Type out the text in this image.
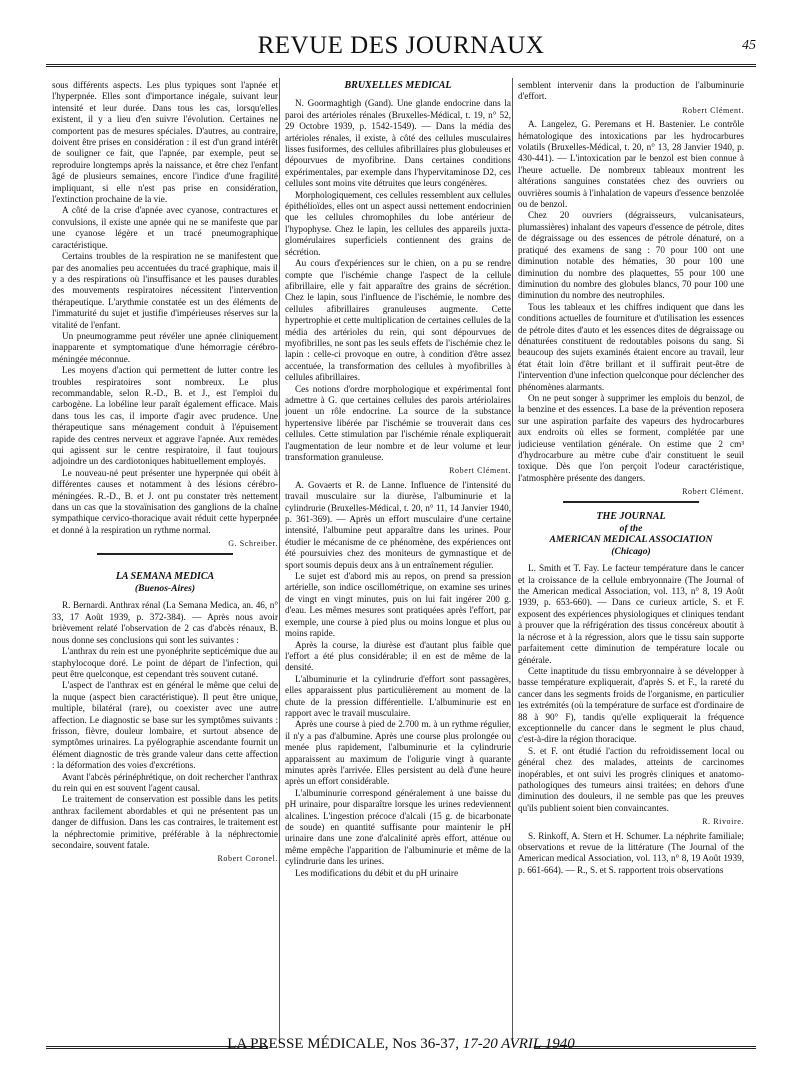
REVUE DES JOURNAUX	45

sous différents aspects. Les plus typiques sont l'apnée et l'hyperpnée. Elles sont d'importance inégale, suivant leur intensité et leur durée. Dans tous les cas, lorsqu'elles existent, il y a lieu d'en suivre l'évolution. Certaines ne comportent pas de mesures spéciales. D'autres, au contraire, doivent être prises en considération : il est d'un grand intérêt de souligner ce fait, que l'apnée, par exemple, peut se reproduire longtemps après la naissance, et être chez l'enfant âgé de plusieurs semaines, encore l'indice d'une fragilité impliquant, si elle n'est pas prise en considération, l'extinction prochaine de la vie.

A côté de la crise d'apnée avec cyanose, contractures et convulsions, il existe une apnée qui ne se manifeste que par une cyanose légère et un tracé pneumographique caractéristique.

Certains troubles de la respiration ne se manifestent que par des anomalies peu accentuées du tracé graphique, mais il y a des respirations où l'insuffisance et les pauses durables des mouvements respiratoires nécessitent l'intervention thérapeutique. L'arythmie constatée est un des éléments de l'immaturité du sujet et justifie d'impérieuses réserves sur la vitalité de l'enfant.

Un pneumogramme peut révéler une apnée cliniquement inapparente et symptomatique d'une hémorragie cérébro-méningée méconnue.

Les moyens d'action qui permettent de lutter contre les troubles respiratoires sont nombreux. Le plus recommandable, selon R.-D., B. et J., est l'emploi du carbogène. La lobéline leur paraît également efficace. Mais dans tous les cas, il importe d'agir avec prudence. Une thérapeutique sans ménagement conduit à l'épuisement rapide des centres nerveux et aggrave l'apnée. Aux remèdes qui agissent sur le centre respiratoire, il faut toujours adjoindre un des cardiotoniques habituellement employés.

Le nouveau-né peut présenter une hyperpnée qui obéit à différentes causes et notamment à des lésions cérébro-méningées. R.-D., B. et J. ont pu constater très nettement dans un cas que la stovaïnisation des ganglions de la chaîne sympathique cervico-thoracique avait réduit cette hyperpnée et donné à la respiration un rythme normal.

G. Schreiber.
LA SEMANA MEDICA
(Buenos-Aires)

R. Bernardi. Anthrax rénal (La Semana Medica, an. 46, n° 33, 17 Août 1939, p. 372-384). — Après nous avoir brièvement relaté l'observation de 2 cas d'abcès rénaux, B. nous donne ses conclusions qui sont les suivantes :

L'anthrax du rein est une pyonéphrite septicémique due au staphylocoque doré. Le point de départ de l'infection, qui peut être quelconque, est cependant très souvent cutané.

L'aspect de l'anthrax est en général le même que celui de la nuque (aspect bien caractéristique). Il peut être unique, multiple, bilatéral (rare), ou coexister avec une autre affection. Le diagnostic se base sur les symptômes suivants : frisson, fièvre, douleur lombaire, et surtout absence de symptômes urinaires. La pyélographie ascendante fournit un élément diagnostic de très grande valeur dans cette affection : la déformation des voies d'excrétions.

Avant l'abcès périnéphrétique, on doit rechercher l'anthrax du rein qui en est souvent l'agent causal.

Le traitement de conservation est possible dans les petits anthrax facilement abordables et qui ne présentent pas un danger de diffusion. Dans les cas contraires, le traitement est la néphrectomie primitive, préférable à la néphrectomie secondaire, souvent fatale.

Robert Coronel.
BRUXELLES MEDICAL

N. Goormaghtigh (Gand). Une glande endocrine dans la paroi des artérioles rénales (Bruxelles-Médical, t. 19, n° 52, 29 Octobre 1939, p. 1542-1549). — Dans la média des artérioles rénales, il existe, à côté des cellules musculaires lisses fusiformes, des cellules afibrillaires plus globuleuses et dépourvues de myofibrine. Dans certaines conditions expérimentales, par exemple dans l'hypervitaminose D2, ces cellules sont moins vite détruites que leurs congénères.

Morphologiquement, ces cellules ressemblent aux cellules épithélioïdes, elles ont un aspect aussi nettement endocrinien que les cellules chromophiles du lobe antérieur de l'hypophyse. Chez le lapin, les cellules des appareils juxta-glomérulaires superficiels contiennent des grains de sécrétion.

Au cours d'expériences sur le chien, on a pu se rendre compte que l'ischémie change l'aspect de la cellule afibrillaire, elle y fait apparaître des grains de sécrétion. Chez le lapin, sous l'influence de l'ischémie, le nombre des cellules afibrillaires granuleuses augmente. Cette hypertrophie et cette multiplication de certaines cellules de la média des artérioles du rein, qui sont dépourvues de myofibrilles, ne sont pas les seuls effets de l'ischémie chez le lapin : celle-ci provoque en outre, à condition d'être assez accentuée, la transformation des cellules à myofibrilles à cellules afibrillaires.

Ces notions d'ordre morphologique et expérimental font admettre à G. que certaines cellules des parois artériolaires jouent un rôle endocrine. La source de la substance hypertensive libérée par l'ischémie se trouverait dans ces cellules. Cette stimulation par l'ischémie rénale expliquerait l'augmentation de leur nombre et de leur volume et leur transformation granuleuse.

Robert Clément.

A. Govaerts et R. de Lanne. Influence de l'intensité du travail musculaire sur la diurèse, l'albuminurie et la cylindrurie (Bruxelles-Médical, t. 20, n° 11, 14 Janvier 1940, p. 361-369). — Après un effort musculaire d'une certaine intensité, l'albumine peut apparaître dans les urines. Pour étudier le mécanisme de ce phénomène, des expériences ont été poursuivies chez des moniteurs de gymnastique et de sport soumis depuis deux ans à un entraînement régulier.

Le sujet est d'abord mis au repos, on prend sa pression artérielle, son indice oscillométrique, on examine ses urines de vingt en vingt minutes, puis on lui fait ingérer 200 g. d'eau. Les mêmes mesures sont pratiquées après l'effort, par exemple, une course à pied plus ou moins longue et plus ou moins rapide.

Après la course, la diurèse est d'autant plus faible que l'effort a été plus considérable; il en est de même de la densité.

L'albuminurie et la cylindrurie d'effort sont passagères, elles apparaissent plus particulièrement au moment de la chute de la pression différentielle. L'albuminurie est en rapport avec le travail musculaire.

Après une course à pied de 2.700 m. à un rythme régulier, il n'y a pas d'albumine. Après une course plus prolongée ou menée plus rapidement, l'albuminurie et la cylindrurie apparaissent au maximum de l'oligurie vingt à quarante minutes après l'arrivée. Elles persistent au delà d'une heure après un effort considérable.

L'albuminurie correspond généralement à une baisse du pH urinaire, pour disparaître lorsque les urines redeviennent alcalines. L'ingestion précoce d'alcali (15 g. de bicarbonate de soude) en quantité suffisante pour maintenir le pH urinaire dans une zone d'alcalinité après effort, atténue ou même empêche l'apparition de l'albuminurie et même de la cylindrurie dans les urines.

Les modifications du débit et du pH urinaire

semblent intervenir dans la production de l'albuminurie d'effort.

Robert Clément.

A. Langelez, G. Peremans et H. Bastenier. Le contrôle hématologique des intoxications par les hydrocarbures volatils (Bruxelles-Médical, t. 20, n° 13, 28 Janvier 1940, p. 430-441). — L'intoxication par le benzol est bien connue à l'heure actuelle. De nombreux tableaux montrent les altérations sanguines constatées chez des ouvriers ou ouvrières soumis à l'inhalation de vapeurs d'essence benzolée ou de benzol.

Chez 20 ouvriers (dégraisseurs, vulcanisateurs, plumassières) inhalant des vapeurs d'essence de pétrole, dites de dégraissage ou des essences de pétrole dénaturé, on a pratiqué des examens de sang : 70 pour 100 ont une diminution notable des hématies, 30 pour 100 une diminution du nombre des plaquettes, 55 pour 100 une diminution du nombre des globules blancs, 70 pour 100 une diminution du nombre des neutrophiles.

Tous les tableaux et les chiffres indiquent que dans les conditions actuelles de fourniture et d'utilisation les essences de pétrole dites d'auto et les essences dites de dégraissage ou dénaturées constituent de redoutables poisons du sang. Si beaucoup des sujets examinés étaient encore au travail, leur état était loin d'être brillant et il suffirait peut-être de l'intervention d'une infection quelconque pour déclencher des phénomènes alarmants.

On ne peut songer à supprimer les emplois du benzol, de la benzine et des essences. La base de la prévention reposera sur une aspiration parfaite des vapeurs des hydrocarbures aux endroits où elles se forment, complétée par une judicieuse ventilation générale. On estime que 2 cm³ d'hydrocarbure au mètre cube d'air constituent le seuil toxique. Dès que l'on perçoit l'odeur caractéristique, l'atmosphère présente des dangers.

Robert Clément.
THE JOURNAL
of the
AMERICAN MEDICAL ASSOCIATION
(Chicago)

L. Smith et T. Fay. Le facteur température dans le cancer et la croissance de la cellule embryonnaire (The Journal of the American medical Association, vol. 113, n° 8, 19 Août 1939, p. 653-660). — Dans ce curieux article, S. et F. exposent des expériences physiologiques et cliniques tendant à prouver que la réfrigération des tissus concéreux aboutit à la nécrose et à la régression, alors que le tissu sain supporte parfaitement cette diminution de température locale ou générale.

Cette inaptitude du tissu embryonnaire à se développer à basse température expliquerait, d'après S. et F., la rareté du cancer dans les segments froids de l'organisme, en particulier les extrémités (où la température de surface est d'ordinaire de 88 à 90° F), tandis qu'elle expliquerait la fréquence exceptionnelle du cancer dans le segment le plus chaud, c'est-à-dire la région thoracique.

S. et F. ont étudié l'action du refroidissement local ou général chez des malades, atteints de carcinomes inopérables, et ont suivi les progrès cliniques et anatomo-pathologiques des tumeurs ainsi traitées; en dehors d'une diminution des douleurs, il ne semble pas que les preuves qu'ils publient soient bien convaincantes.

R. Rivoire.

S. Rinkoff, A. Stern et H. Schumer. La néphrite familiale; observations et revue de la littérature (The Journal of the American medical Association, vol. 113, n° 8, 19 Août 1939, p. 661-664). — R., S. et S. rapportent trois observations

LA PRESSE MÉDICALE, Nos 36-37, 17-20 AVRIL 1940
